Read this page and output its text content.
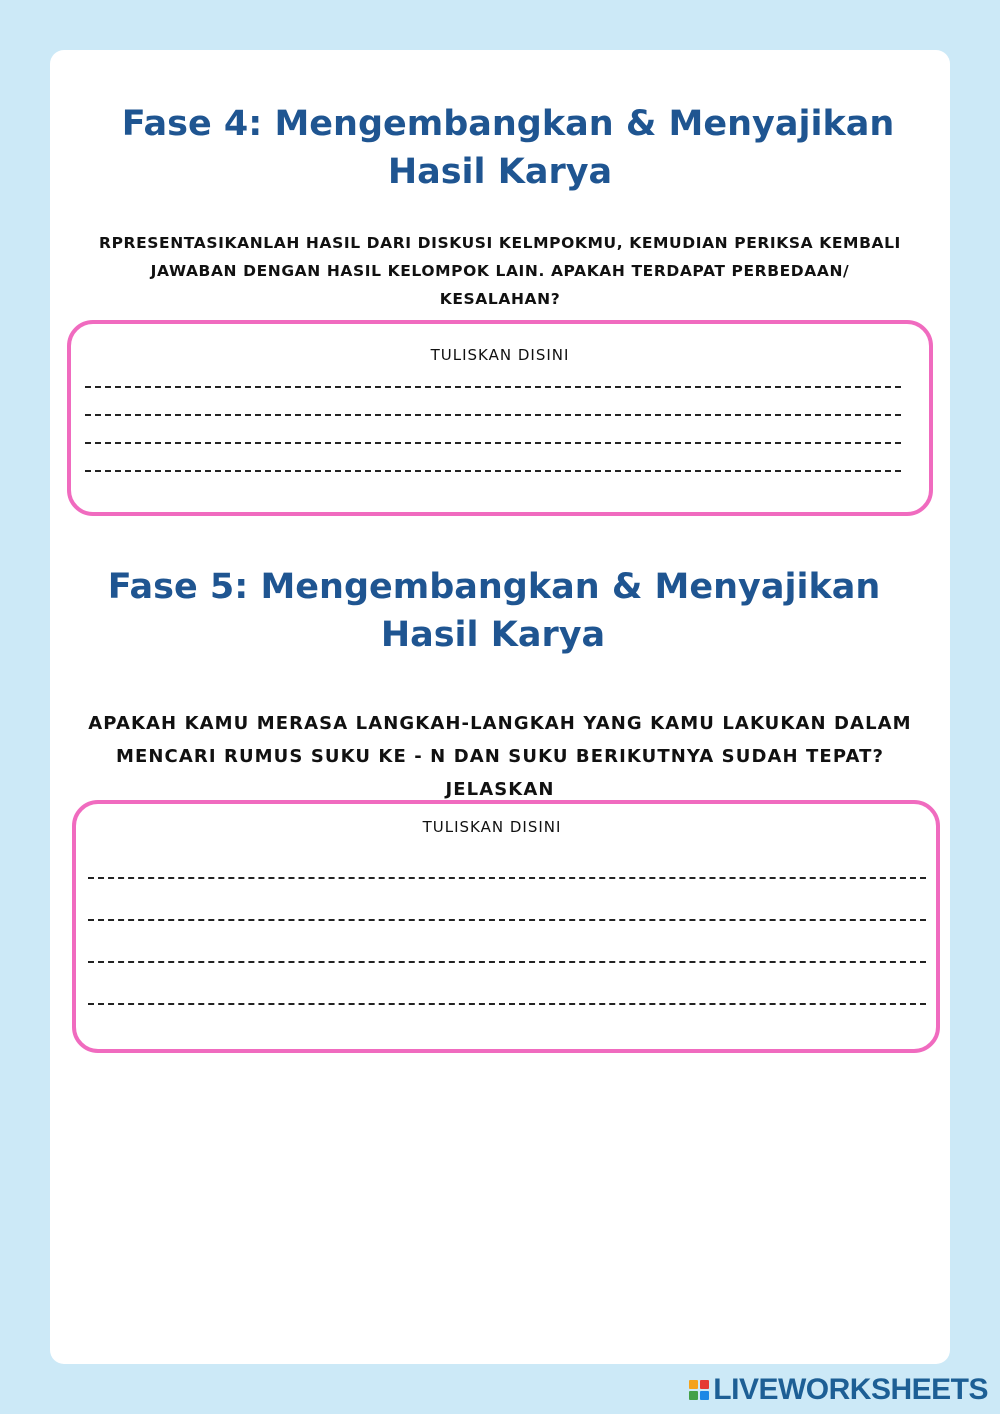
Fase 4: Mengembangkan & Menyajikan
Hasil Karya

RPRESENTASIKANLAH HASIL DARI DISKUSI KELMPOKMU, KEMUDIAN PERIKSA KEMBALI
JAWABAN DENGAN HASIL KELOMPOK LAIN. APAKAH TERDAPAT PERBEDAAN/
KESALAHAN?

TULISKAN DISINI
Fase 5: Mengembangkan & Menyajikan
Hasil Karya

APAKAH KAMU MERASA LANGKAH-LANGKAH YANG KAMU LAKUKAN DALAM
MENCARI RUMUS SUKU KE - N DAN SUKU BERIKUTNYA SUDAH TEPAT?
JELASKAN

TULISKAN DISINI
LIVEWORKSHEETS
